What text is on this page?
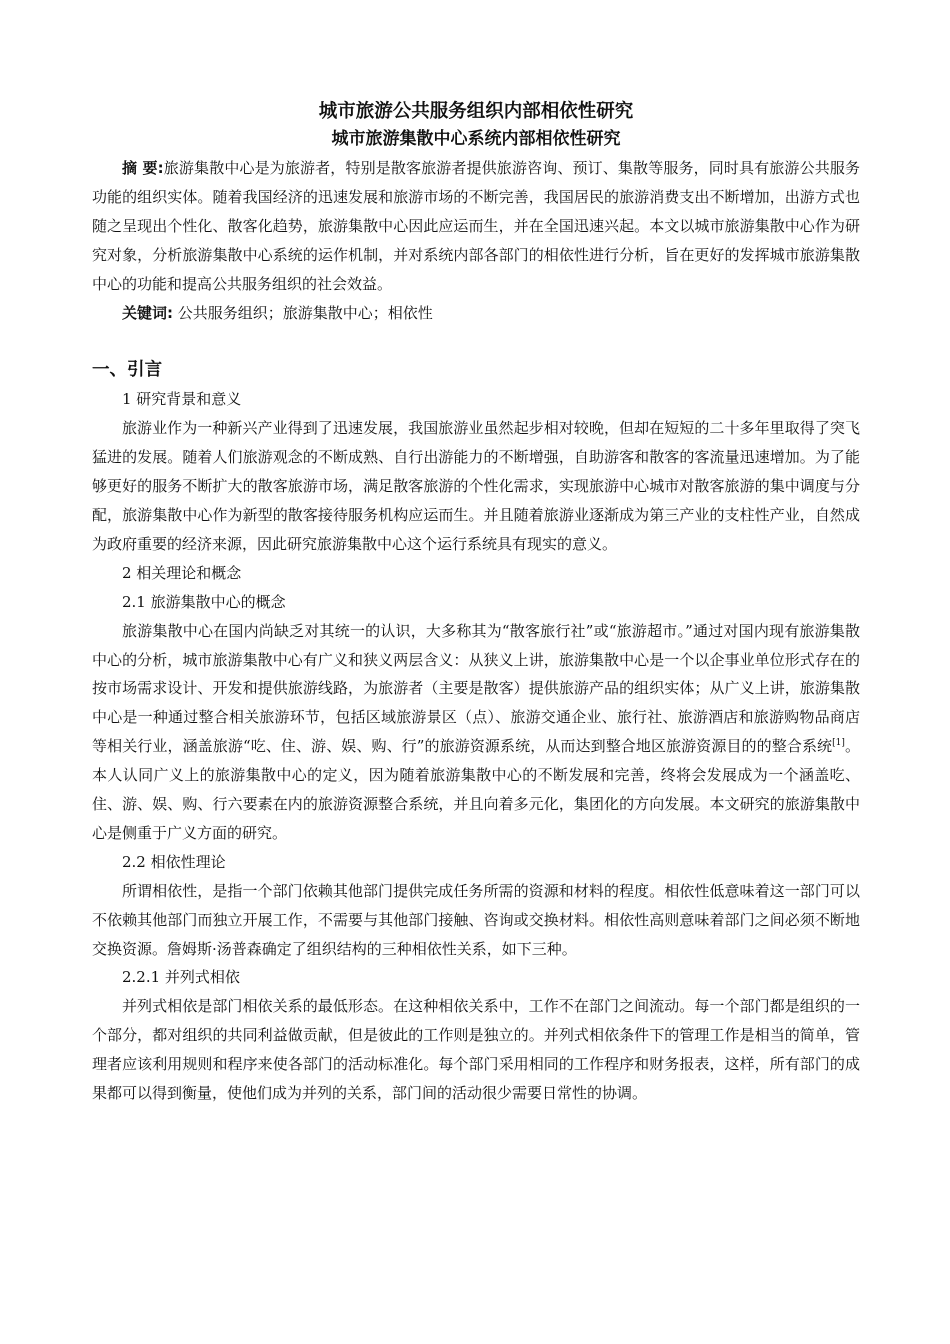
城市旅游公共服务组织内部相依性研究
城市旅游集散中心系统内部相依性研究

摘 要:旅游集散中心是为旅游者，特别是散客旅游者提供旅游咨询、预订、集散等服务，同时具有旅游公共服务功能的组织实体。随着我国经济的迅速发展和旅游市场的不断完善，我国居民的旅游消费支出不断增加，出游方式也随之呈现出个性化、散客化趋势，旅游集散中心因此应运而生，并在全国迅速兴起。本文以城市旅游集散中心作为研究对象，分析旅游集散中心系统的运作机制，并对系统内部各部门的相依性进行分析，旨在更好的发挥城市旅游集散中心的功能和提高公共服务组织的社会效益。

关键词: 公共服务组织；旅游集散中心；相依性

一、引言

1 研究背景和意义

旅游业作为一种新兴产业得到了迅速发展，我国旅游业虽然起步相对较晚，但却在短短的二十多年里取得了突飞猛进的发展。随着人们旅游观念的不断成熟、自行出游能力的不断增强，自助游客和散客的客流量迅速增加。为了能够更好的服务不断扩大的散客旅游市场，满足散客旅游的个性化需求，实现旅游中心城市对散客旅游的集中调度与分配，旅游集散中心作为新型的散客接待服务机构应运而生。并且随着旅游业逐渐成为第三产业的支柱性产业，自然成为政府重要的经济来源，因此研究旅游集散中心这个运行系统具有现实的意义。

2 相关理论和概念

2.1 旅游集散中心的概念

旅游集散中心在国内尚缺乏对其统一的认识，大多称其为“散客旅行社”或“旅游超市。”通过对国内现有旅游集散中心的分析，城市旅游集散中心有广义和狭义两层含义：从狭义上讲，旅游集散中心是一个以企事业单位形式存在的按市场需求设计、开发和提供旅游线路，为旅游者（主要是散客）提供旅游产品的组织实体；从广义上讲，旅游集散中心是一种通过整合相关旅游环节，包括区域旅游景区（点）、旅游交通企业、旅行社、旅游酒店和旅游购物品商店等相关行业，涵盖旅游“吃、住、游、娱、购、行”的旅游资源系统，从而达到整合地区旅游资源目的的整合系统[1]。本人认同广义上的旅游集散中心的定义，因为随着旅游集散中心的不断发展和完善，终将会发展成为一个涵盖吃、住、游、娱、购、行六要素在内的旅游资源整合系统，并且向着多元化，集团化的方向发展。本文研究的旅游集散中心是侧重于广义方面的研究。

2.2 相依性理论

所谓相依性，是指一个部门依赖其他部门提供完成任务所需的资源和材料的程度。相依性低意味着这一部门可以不依赖其他部门而独立开展工作，不需要与其他部门接触、咨询或交换材料。相依性高则意味着部门之间必须不断地交换资源。詹姆斯·汤普森确定了组织结构的三种相依性关系，如下三种。

2.2.1 并列式相依

并列式相依是部门相依关系的最低形态。在这种相依关系中，工作不在部门之间流动。每一个部门都是组织的一个部分，都对组织的共同利益做贡献，但是彼此的工作则是独立的。并列式相依条件下的管理工作是相当的简单，管理者应该利用规则和程序来使各部门的活动标准化。每个部门采用相同的工作程序和财务报表，这样，所有部门的成果都可以得到衡量，使他们成为并列的关系，部门间的活动很少需要日常性的协调。
